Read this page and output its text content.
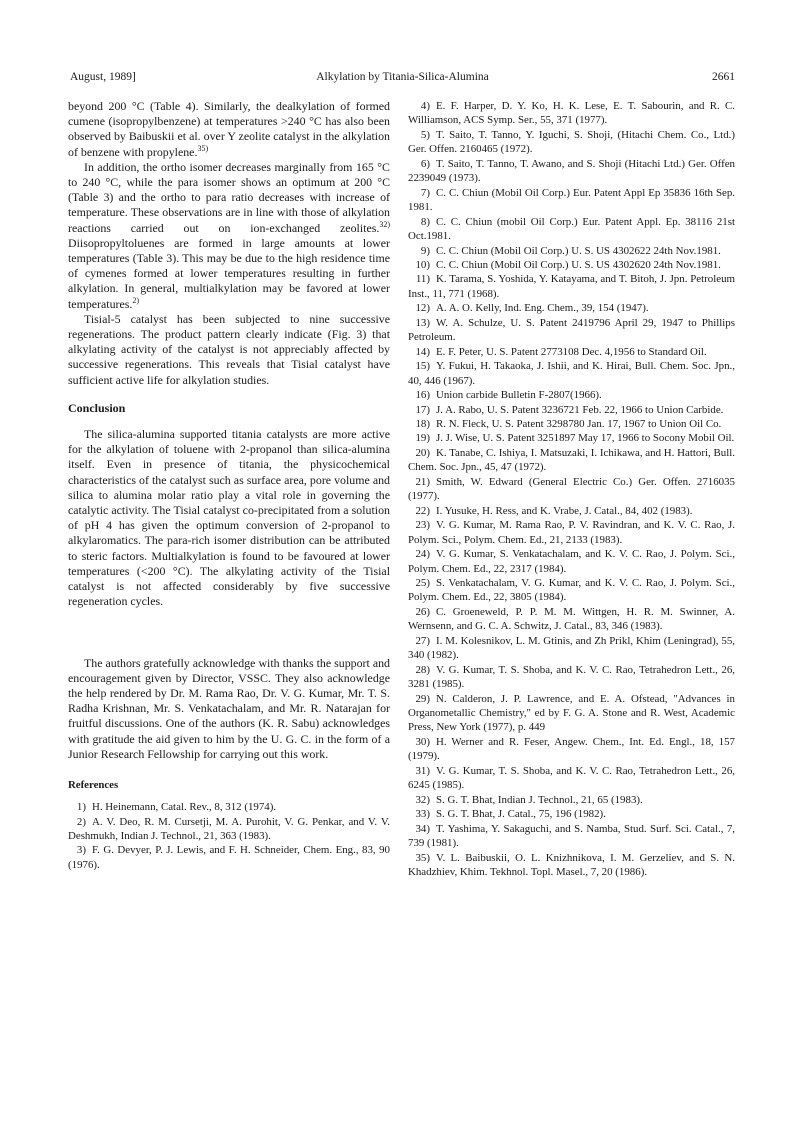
August, 1989]	Alkylation by Titania-Silica-Alumina	2661

beyond 200 °C (Table 4). Similarly, the dealkylation of formed cumene (isopropylbenzene) at temperatures >240 °C has also been observed by Baibuskii et al. over Y zeolite catalyst in the alkylation of benzene with propylene.$^{35)}$

In addition, the ortho isomer decreases marginally from 165 °C to 240 °C, while the para isomer shows an optimum at 200 °C (Table 3) and the ortho to para ratio decreases with increase of temperature. These observations are in line with those of alkylation reactions carried out on ion-exchanged zeolites.$^{32)}$ Diisopropyltoluenes are formed in large amounts at lower temperatures (Table 3). This may be due to the high residence time of cymenes formed at lower temperatures resulting in further alkylation. In general, multialkylation may be favored at lower temperatures.$^{2)}$

Tisial-5 catalyst has been subjected to nine successive regenerations. The product pattern clearly indicate (Fig. 3) that alkylating activity of the catalyst is not appreciably affected by successive regenerations. This reveals that Tisial catalyst have sufficient active life for alkylation studies.

Conclusion

The silica-alumina supported titania catalysts are more active for the alkylation of toluene with 2-propanol than silica-alumina itself. Even in presence of titania, the physicochemical characteristics of the catalyst such as surface area, pore volume and silica to alumina molar ratio play a vital role in governing the catalytic activity. The Tisial catalyst co-precipitated from a solution of pH 4 has given the optimum conversion of 2-propanol to alkylaromatics. The para-rich isomer distribution can be attributed to steric factors. Multialkylation is found to be favoured at lower temperatures (<200 °C). The alkylating activity of the Tisial catalyst is not affected considerably by five successive regeneration cycles.

The authors gratefully acknowledge with thanks the support and encouragement given by Director, VSSC. They also acknowledge the help rendered by Dr. M. Rama Rao, Dr. V. G. Kumar, Mr. T. S. Radha Krishnan, Mr. S. Venkatachalam, and Mr. R. Natarajan for fruitful discussions. One of the authors (K. R. Sabu) acknowledges with gratitude the aid given to him by the U. G. C. in the form of a Junior Research Fellowship for carrying out this work.

References

1) H. Heinemann, Catal. Rev., 8, 312 (1974).

2) A. V. Deo, R. M. Cursetji, M. A. Purohit, V. G. Penkar, and V. V. Deshmukh, Indian J. Technol., 21, 363 (1983).

3) F. G. Devyer, P. J. Lewis, and F. H. Schneider, Chem. Eng., 83, 90 (1976).

4) E. F. Harper, D. Y. Ko, H. K. Lese, E. T. Sabourin, and R. C. Williamson, ACS Symp. Ser., 55, 371 (1977).

5) T. Saito, T. Tanno, Y. Iguchi, S. Shoji, (Hitachi Chem. Co., Ltd.) Ger. Offen. 2160465 (1972).

6) T. Saito, T. Tanno, T. Awano, and S. Shoji (Hitachi Ltd.) Ger. Offen 2239049 (1973).

7) C. C. Chiun (Mobil Oil Corp.) Eur. Patent Appl Ep 35836 16th Sep. 1981.

8) C. C. Chiun (mobil Oil Corp.) Eur. Patent Appl. Ep. 38116 21st Oct.1981.

9) C. C. Chiun (Mobil Oil Corp.) U. S. US 4302622 24th Nov.1981.

10) C. C. Chiun (Mobil Oil Corp.) U. S. US 4302620 24th Nov.1981.

11) K. Tarama, S. Yoshida, Y. Katayama, and T. Bitoh, J. Jpn. Petroleum Inst., 11, 771 (1968).

12) A. A. O. Kelly, Ind. Eng. Chem., 39, 154 (1947).

13) W. A. Schulze, U. S. Patent 2419796 April 29, 1947 to Phillips Petroleum.

14) E. F. Peter, U. S. Patent 2773108 Dec. 4,1956 to Standard Oil.

15) Y. Fukui, H. Takaoka, J. Ishii, and K. Hirai, Bull. Chem. Soc. Jpn., 40, 446 (1967).

16) Union carbide Bulletin F-2807(1966).

17) J. A. Rabo, U. S. Patent 3236721 Feb. 22, 1966 to Union Carbide.

18) R. N. Fleck, U. S. Patent 3298780 Jan. 17, 1967 to Union Oil Co.

19) J. J. Wise, U. S. Patent 3251897 May 17, 1966 to Socony Mobil Oil.

20) K. Tanabe, C. Ishiya, I. Matsuzaki, I. Ichikawa, and H. Hattori, Bull. Chem. Soc. Jpn., 45, 47 (1972).

21) Smith, W. Edward (General Electric Co.) Ger. Offen. 2716035 (1977).

22) I. Yusuke, H. Ress, and K. Vrabe, J. Catal., 84, 402 (1983).

23) V. G. Kumar, M. Rama Rao, P. V. Ravindran, and K. V. C. Rao, J. Polym. Sci., Polym. Chem. Ed., 21, 2133 (1983).

24) V. G. Kumar, S. Venkatachalam, and K. V. C. Rao, J. Polym. Sci., Polym. Chem. Ed., 22, 2317 (1984).

25) S. Venkatachalam, V. G. Kumar, and K. V. C. Rao, J. Polym. Sci., Polym. Chem. Ed., 22, 3805 (1984).

26) C. Groeneweld, P. P. M. M. Wittgen, H. R. M. Swinner, A. Wernsenn, and G. C. A. Schwitz, J. Catal., 83, 346 (1983).

27) I. M. Kolesnikov, L. M. Gtinis, and Zh Prikl, Khim (Leningrad), 55, 340 (1982).

28) V. G. Kumar, T. S. Shoba, and K. V. C. Rao, Tetrahedron Lett., 26, 3281 (1985).

29) N. Calderon, J. P. Lawrence, and E. A. Ofstead, "Advances in Organometallic Chemistry," ed by F. G. A. Stone and R. West, Academic Press, New York (1977), p. 449

30) H. Werner and R. Feser, Angew. Chem., Int. Ed. Engl., 18, 157 (1979).

31) V. G. Kumar, T. S. Shoba, and K. V. C. Rao, Tetrahedron Lett., 26, 6245 (1985).

32) S. G. T. Bhat, Indian J. Technol., 21, 65 (1983).

33) S. G. T. Bhat, J. Catal., 75, 196 (1982).

34) T. Yashima, Y. Sakaguchi, and S. Namba, Stud. Surf. Sci. Catal., 7, 739 (1981).

35) V. L. Baibuskii, O. L. Knizhnikova, I. M. Gerzeliev, and S. N. Khadzhiev, Khim. Tekhnol. Topl. Masel., 7, 20 (1986).
